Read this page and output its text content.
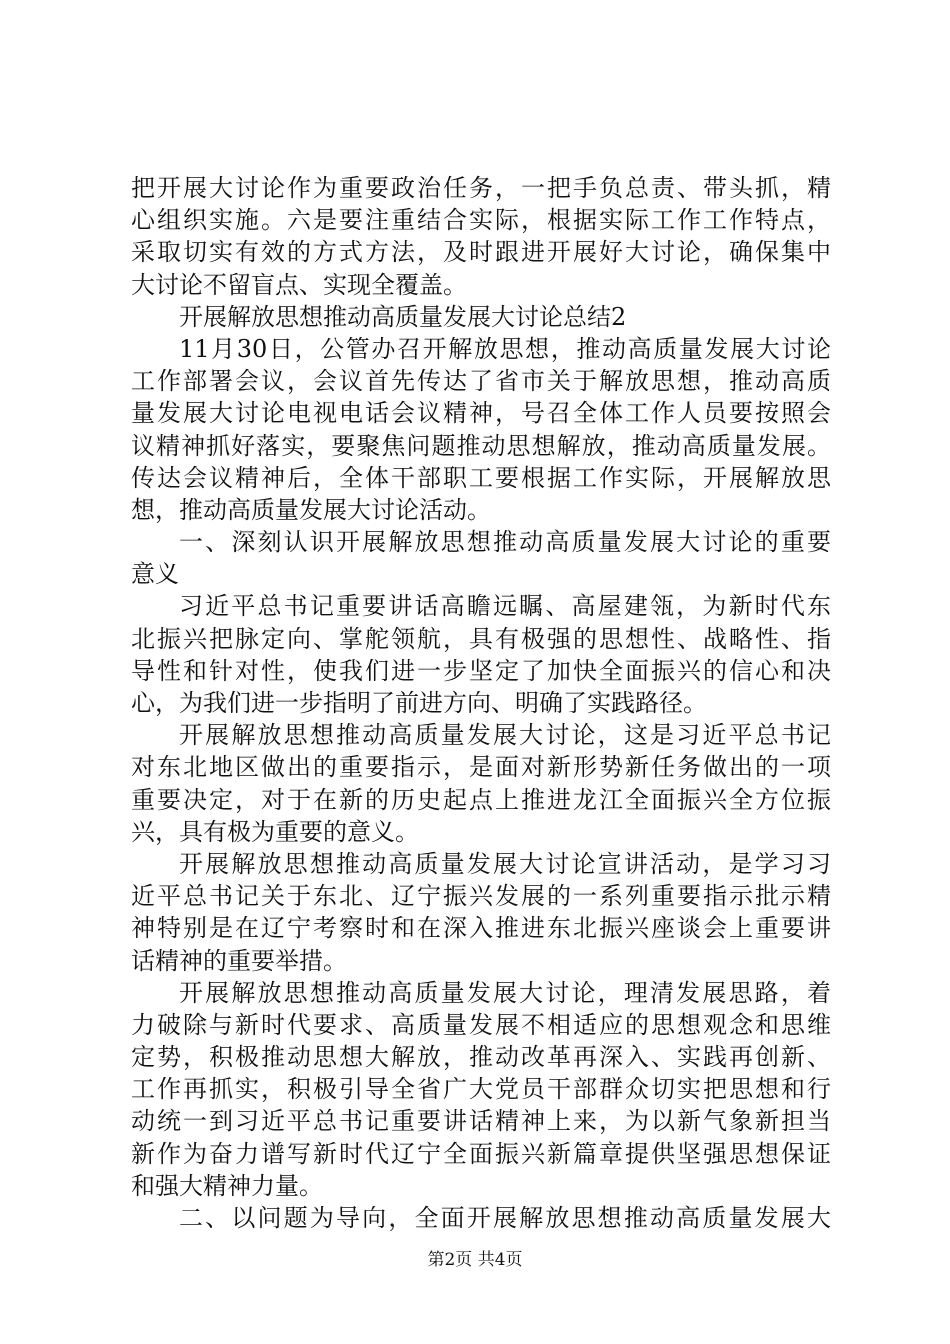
把开展大讨论作为重要政治任务，一把手负总责、带头抓，精
心组织实施。六是要注重结合实际，根据实际工作工作特点，
采取切实有效的方式方法，及时跟进开展好大讨论，确保集中
大讨论不留盲点、实现全覆盖。
开展解放思想推动高质量发展大讨论总结2
11月30日，公管办召开解放思想，推动高质量发展大讨论
工作部署会议，会议首先传达了省市关于解放思想，推动高质
量发展大讨论电视电话会议精神，号召全体工作人员要按照会
议精神抓好落实，要聚焦问题推动思想解放，推动高质量发展。
传达会议精神后，全体干部职工要根据工作实际，开展解放思
想，推动高质量发展大讨论活动。
一、深刻认识开展解放思想推动高质量发展大讨论的重要
意义
习近平总书记重要讲话高瞻远瞩、高屋建瓴，为新时代东
北振兴把脉定向、掌舵领航，具有极强的思想性、战略性、指
导性和针对性，使我们进一步坚定了加快全面振兴的信心和决
心，为我们进一步指明了前进方向、明确了实践路径。
开展解放思想推动高质量发展大讨论，这是习近平总书记
对东北地区做出的重要指示，是面对新形势新任务做出的一项
重要决定，对于在新的历史起点上推进龙江全面振兴全方位振
兴，具有极为重要的意义。
开展解放思想推动高质量发展大讨论宣讲活动，是学习习
近平总书记关于东北、辽宁振兴发展的一系列重要指示批示精
神特别是在辽宁考察时和在深入推进东北振兴座谈会上重要讲
话精神的重要举措。
开展解放思想推动高质量发展大讨论，理清发展思路，着
力破除与新时代要求、高质量发展不相适应的思想观念和思维
定势，积极推动思想大解放，推动改革再深入、实践再创新、
工作再抓实，积极引导全省广大党员干部群众切实把思想和行
动统一到习近平总书记重要讲话精神上来，为以新气象新担当
新作为奋力谱写新时代辽宁全面振兴新篇章提供坚强思想保证
和强大精神力量。
二、以问题为导向，全面开展解放思想推动高质量发展大
第2页 共4页
